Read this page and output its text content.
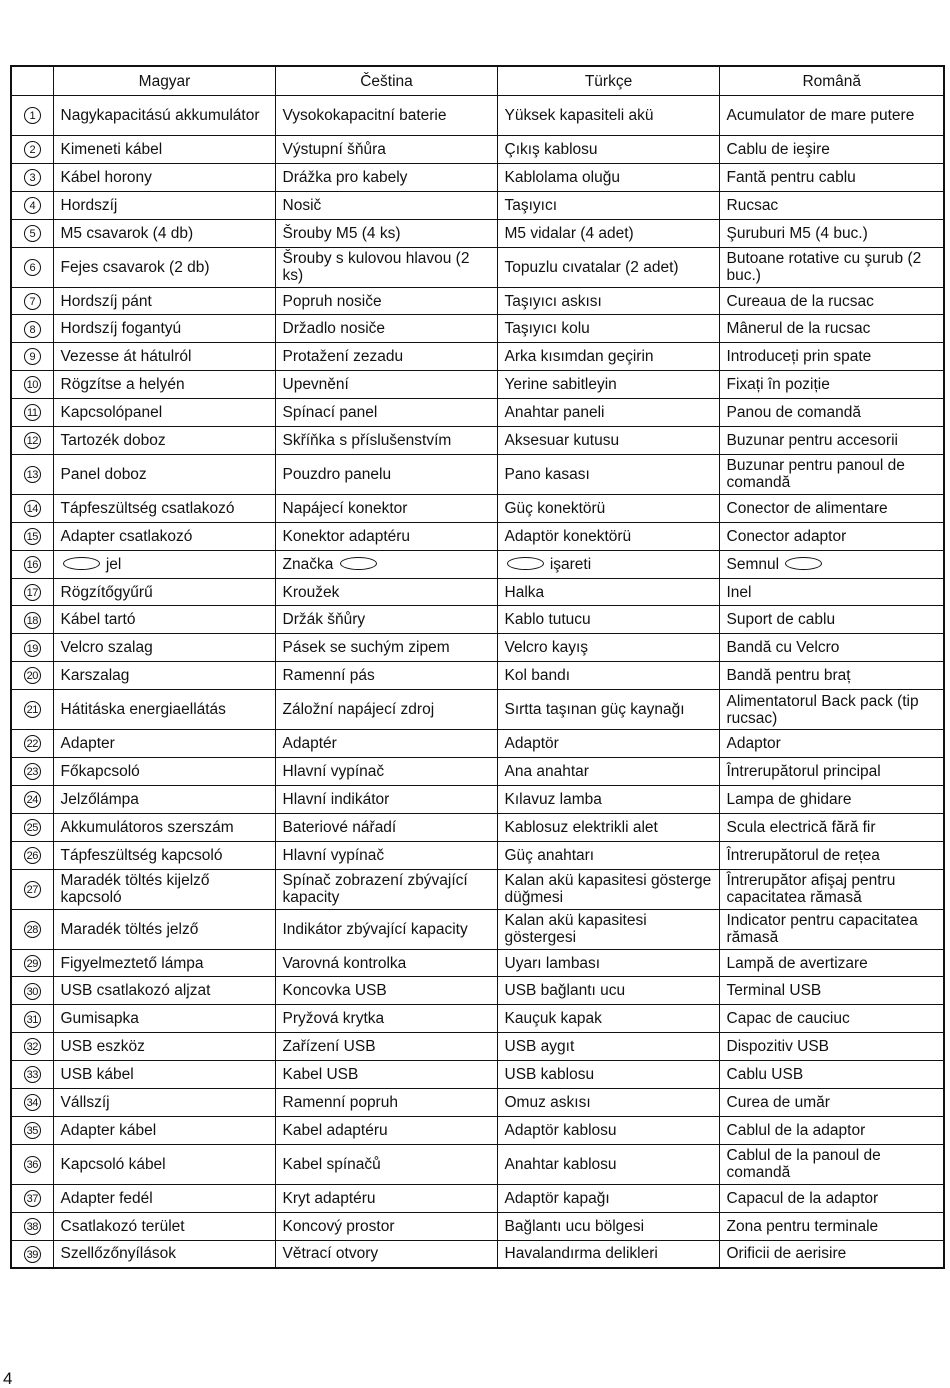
	Magyar	Čeština	Türkçe	Română
1	Nagykapacitású akkumulátor	Vysokokapacitní baterie	Yüksek kapasiteli akü	Acumulator de mare putere
2	Kimeneti kábel	Výstupní šňůra	Çıkış kablosu	Cablu de ieşire
3	Kábel horony	Drážka pro kabely	Kablolama oluğu	Fantă pentru cablu
4	Hordszíj	Nosič	Taşıyıcı	Rucsac
5	M5 csavarok (4 db)	Šrouby M5 (4 ks)	M5 vidalar (4 adet)	Şuruburi M5 (4 buc.)
6	Fejes csavarok (2 db)	Šrouby s kulovou hlavou (2 ks)	Topuzlu cıvatalar (2 adet)	Butoane rotative cu şurub (2 buc.)
7	Hordszíj pánt	Popruh nosiče	Taşıyıcı askısı	Cureaua de la rucsac
8	Hordszíj fogantyú	Držadlo nosiče	Taşıyıcı kolu	Mânerul de la rucsac
9	Vezesse át hátulról	Protažení zezadu	Arka kısımdan geçirin	Introduceți prin spate
10	Rögzítse a helyén	Upevnění	Yerine sabitleyin	Fixați în poziție
11	Kapcsolópanel	Spínací panel	Anahtar paneli	Panou de comandă
12	Tartozék doboz	Skříňka s příslušenstvím	Aksesuar kutusu	Buzunar pentru accesorii
13	Panel doboz	Pouzdro panelu	Pano kasası	Buzunar pentru panoul de comandă
14	Tápfeszültség csatlakozó	Napájecí konektor	Güç konektörü	Conector de alimentare
15	Adapter csatlakozó	Konektor adaptéru	Adaptör konektörü	Conector adaptor
16	jel	Značka	işareti	Semnul
17	Rögzítőgyűrű	Kroužek	Halka	Inel
18	Kábel tartó	Držák šňůry	Kablo tutucu	Suport de cablu
19	Velcro szalag	Pásek se suchým zipem	Velcro kayış	Bandă cu Velcro
20	Karszalag	Ramenní pás	Kol bandı	Bandă pentru braț
21	Hátitáska energiaellátás	Záložní napájecí zdroj	Sırtta taşınan güç kaynağı	Alimentatorul Back pack (tip rucsac)
22	Adapter	Adaptér	Adaptör	Adaptor
23	Főkapcsoló	Hlavní vypínač	Ana anahtar	Întrerupătorul principal
24	Jelzőlámpa	Hlavní indikátor	Kılavuz lamba	Lampa de ghidare
25	Akkumulátoros szerszám	Bateriové nářadí	Kablosuz elektrikli alet	Scula electrică fără fir
26	Tápfeszültség kapcsoló	Hlavní vypínač	Güç anahtarı	Întrerupătorul de rețea
27	Maradék töltés kijelző kapcsoló	Spínač zobrazení zbývající kapacity	Kalan akü kapasitesi gösterge düğmesi	Întrerupător afişaj pentru capacitatea rămasă
28	Maradék töltés jelző	Indikátor zbývající kapacity	Kalan akü kapasitesi göstergesi	Indicator pentru capacitatea rămasă
29	Figyelmeztető lámpa	Varovná kontrolka	Uyarı lambası	Lampă de avertizare
30	USB csatlakozó aljzat	Koncovka USB	USB bağlantı ucu	Terminal USB
31	Gumisapka	Pryžová krytka	Kauçuk kapak	Capac de cauciuc
32	USB eszköz	Zařízení USB	USB aygıt	Dispozitiv USB
33	USB kábel	Kabel USB	USB kablosu	Cablu USB
34	Vállszíj	Ramenní popruh	Omuz askısı	Curea de umăr
35	Adapter kábel	Kabel adaptéru	Adaptör kablosu	Cablul de la adaptor
36	Kapcsoló kábel	Kabel spínačů	Anahtar kablosu	Cablul de la panoul de comandă
37	Adapter fedél	Kryt adaptéru	Adaptör kapağı	Capacul de la adaptor
38	Csatlakozó terület	Koncový prostor	Bağlantı ucu bölgesi	Zona pentru terminale
39	Szellőzőnyílások	Větrací otvory	Havalandırma delikleri	Orificii de aerisire
4
